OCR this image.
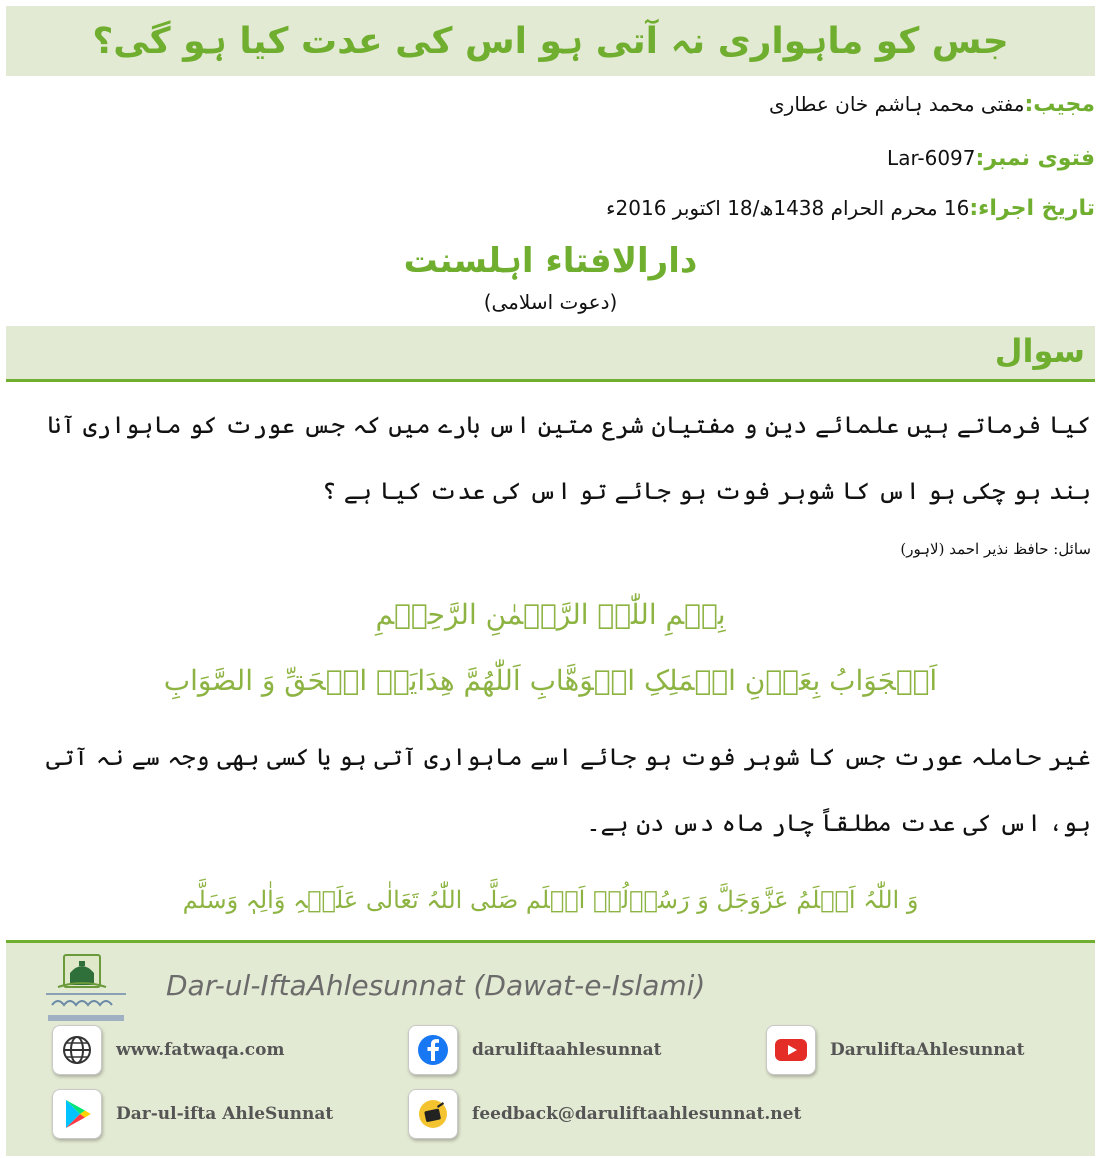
جس کو ماہواری نہ آتی ہو اس کی عدت کیا ہو گی؟
مجیب:مفتی محمد ہاشم خان عطاری
فتوی نمبر:Lar-6097
تاریخ اجراء:16 محرم الحرام 1438ھ/18 اکتوبر 2016ء
دارالافتاء اہلسنت
(دعوت اسلامی)
سوال

کیا فرماتے ہیں علمائے دین و مفتیان شرع متین اس بارے میں کہ جس عورت کو ماہواری آنا بند ہو چکی ہو اس کا شوہر فوت ہو جائے تو اس کی عدت کیا ہے ؟

سائل: حافظ نذیر احمد (لاہور)
بِسۡمِ اللّٰہِ الرَّحۡمٰنِ الرَّحِیۡمِ
اَلۡجَوَابُ بِعَوۡنِ الۡمَلِکِ الۡوَھَّابِ اَللّٰھُمَّ ھِدَایَۃَ الۡحَقِّ وَ الصَّوَابِ

غیر حاملہ عورت جس کا شوہر فوت ہو جائے اسے ماہواری آتی ہو یا کسی بھی وجہ سے نہ آتی ہو، اس کی عدت مطلقاً چار ماہ دس دن ہے۔

وَ اللّٰہُ اَعۡلَمُ عَزَّوَجَلَّ وَ رَسُوۡلُہٗ اَعۡلَم صَلَّی اللّٰہُ تَعَالٰی عَلَیۡہِ وَاٰلِہٖ وَسَلَّم
Dar-ul-IftaAhlesunnat (Dawat-e-Islami)
www.fatwaqa.com	daruliftaahlesunnat	DaruliftaAhlesunnat
Dar-ul-ifta AhleSunnat	feedback@daruliftaahlesunnat.net
